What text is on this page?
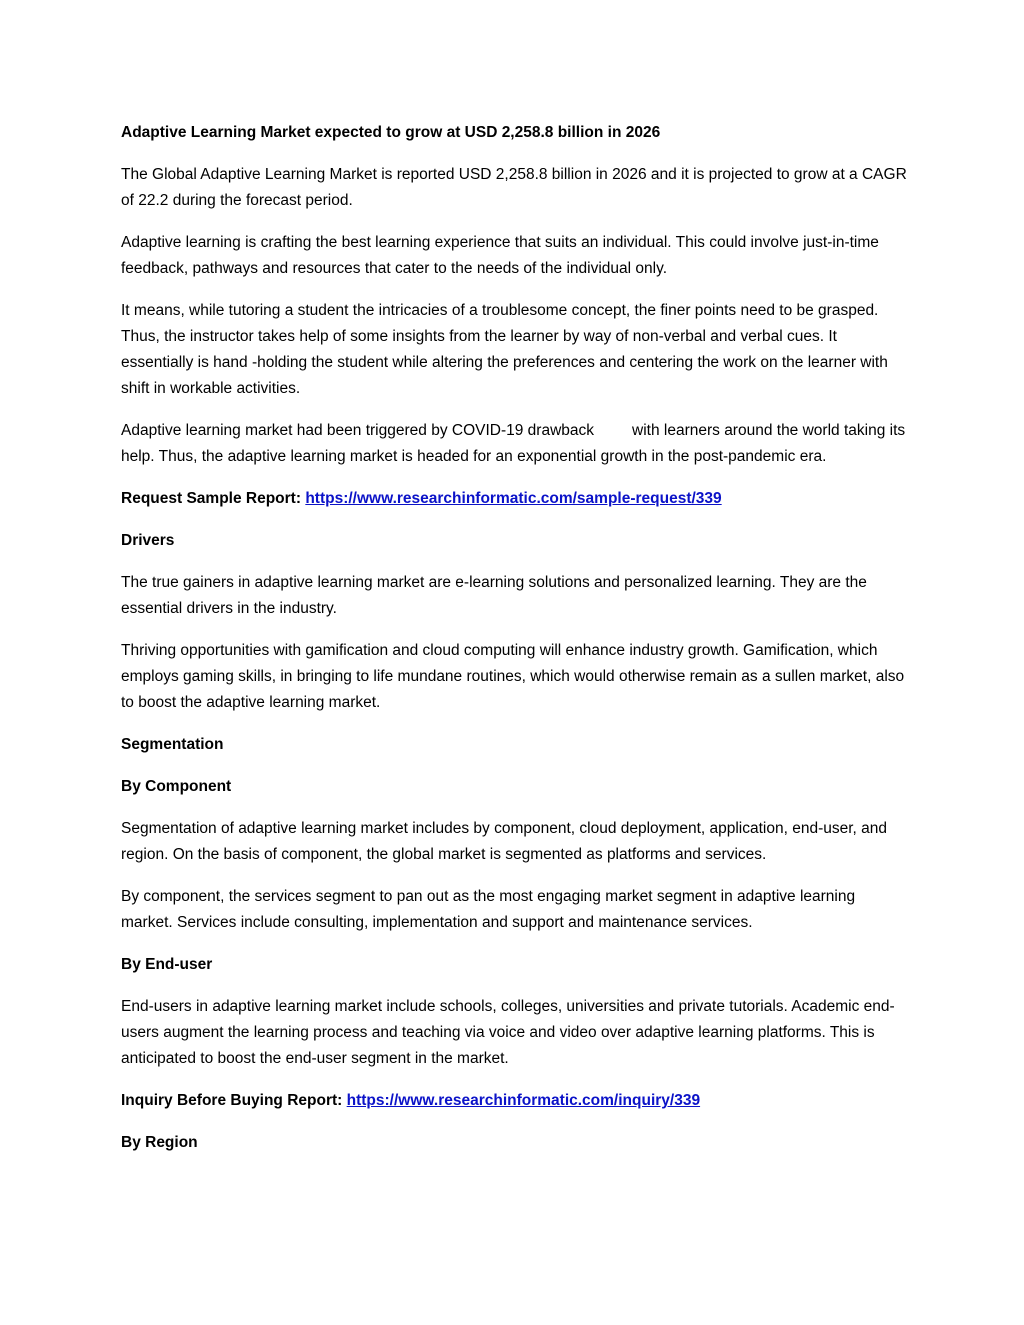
Adaptive Learning Market expected to grow at USD 2,258.8 billion in 2026
The Global Adaptive Learning Market is reported USD 2,258.8 billion in 2026 and it is projected to grow at a CAGR of 22.2 during the forecast period.
Adaptive learning is crafting the best learning experience that suits an individual. This could involve just-in-time feedback, pathways and resources that cater to the needs of the individual only.
It means, while tutoring a student the intricacies of a troublesome concept, the finer points need to be grasped. Thus, the instructor takes help of some insights from the learner by way of non-verbal and verbal cues. It essentially is hand -holding the student while altering the preferences and centering the work on the learner with shift in workable activities.
Adaptive learning market had been triggered by COVID-19 drawback with learners around the world taking its help. Thus, the adaptive learning market is headed for an exponential growth in the post-pandemic era.
Request Sample Report: https://www.researchinformatic.com/sample-request/339
Drivers
The true gainers in adaptive learning market are e-learning solutions and personalized learning. They are the essential drivers in the industry.
Thriving opportunities with gamification and cloud computing will enhance industry growth. Gamification, which employs gaming skills, in bringing to life mundane routines, which would otherwise remain as a sullen market, also to boost the adaptive learning market.
Segmentation
By Component
Segmentation of adaptive learning market includes by component, cloud deployment, application, end-user, and region. On the basis of component, the global market is segmented as platforms and services.
By component, the services segment to pan out as the most engaging market segment in adaptive learning market. Services include consulting, implementation and support and maintenance services.
By End-user
End-users in adaptive learning market include schools, colleges, universities and private tutorials. Academic end-users augment the learning process and teaching via voice and video over adaptive learning platforms. This is anticipated to boost the end-user segment in the market.
Inquiry Before Buying Report: https://www.researchinformatic.com/inquiry/339
By Region
